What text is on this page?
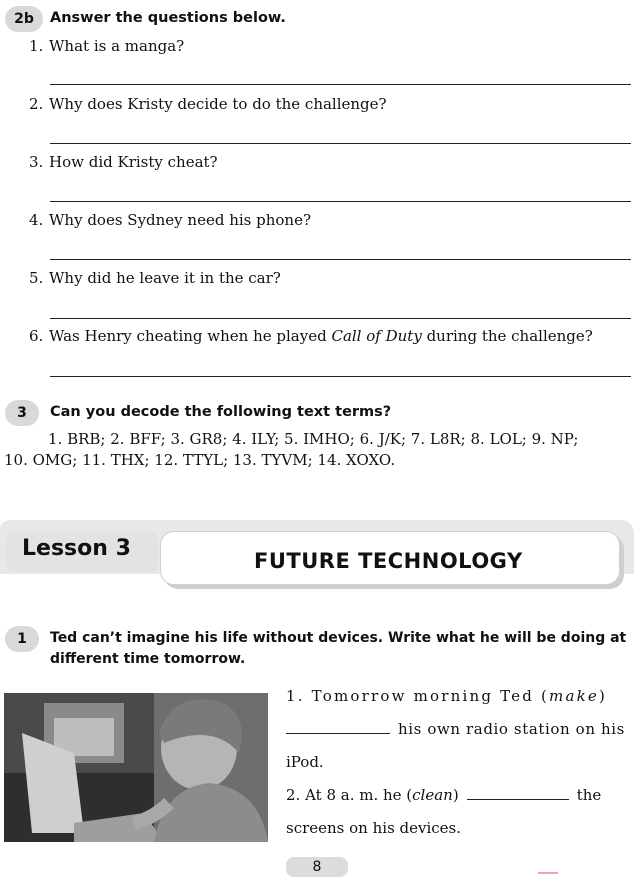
2b	Answer the questions below.
1. What is a manga?
2. Why does Kristy decide to do the challenge?
3. How did Kristy cheat?
4. Why does Sydney need his phone?
5. Why did he leave it in the car?
6. Was Henry cheating when he played Call of Duty during the challenge?
3	Can you decode the following text terms?
1. BRB; 2. BFF; 3. GR8; 4. ILY; 5. IMHO; 6. J/K; 7. L8R; 8. LOL; 9. NP;
10. OMG; 11. THX; 12. TTYL; 13. TYVM; 14. XOXO.
Lesson 3	FUTURE TECHNOLOGY
1	Ted can’t imagine his life without devices. Write what he will be doing at
different time tomorrow.
1. Tomorrow morning Ted (make)
his own radio station on his
iPod.
2. At 8 a. m. he (clean)	the
screens on his devices.
8
